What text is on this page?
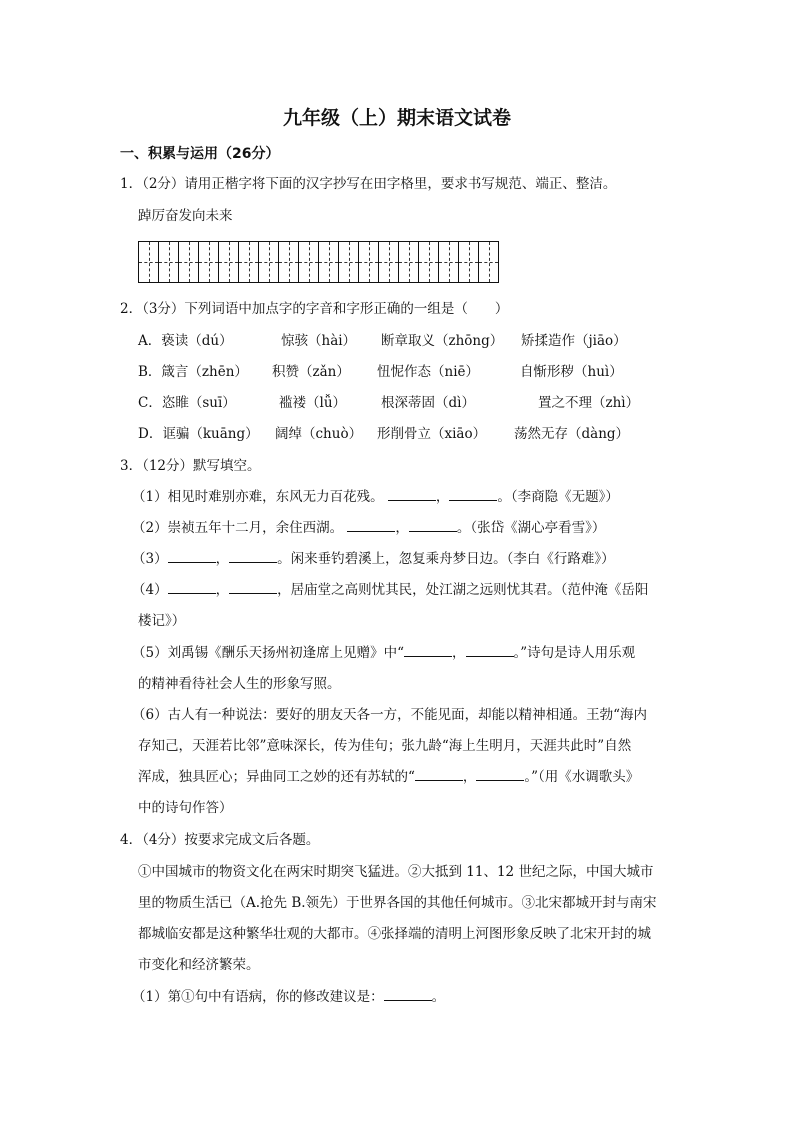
九年级（上）期末语文试卷
一、积累与运用（26分）
1．（2分）请用正楷字将下面的汉字抄写在田字格里，要求书写规范、端正、整洁。
踔厉奋发向未来
2．（3分）下列词语中加点字的字音和字形正确的一组是（　　）
A．亵读（dú）	惊骇（hài） 断章取义（zhōng） 矫揉造作（jiāo）
B．箴言（zhēn） 积赞（zǎn） 忸怩作态（niē）	自惭形秽（huì）
C．恣睢（suī）	褴褛（lǚ）	根深蒂固（dì）	置之不理（zhì）
D．诓骗（kuāng） 阔绰（chuò） 形削骨立（xiāo） 荡然无存（dàng）
3．（12分）默写填空。
（1）相见时难别亦难，东风无力百花残。	，	。（李商隐《无题》）
（2）崇祯五年十二月，余住西湖。	，	。（张岱《湖心亭看雪》）
（3）	，	。闲来垂钓碧溪上，忽复乘舟梦日边。（李白《行路难》）
（4）	，	，居庙堂之高则忧其民，处江湖之远则忧其君。（范仲淹《岳阳
楼记》）
（5）刘禹锡《酬乐天扬州初逢席上见赠》中“	，	。”诗句是诗人用乐观
的精神看待社会人生的形象写照。
（6）古人有一种说法：要好的朋友天各一方，不能见面，却能以精神相通。王勃“海内
存知己，天涯若比邻”意味深长，传为佳句；张九龄“海上生明月，天涯共此时”自然
浑成，独具匠心；异曲同工之妙的还有苏轼的“	，	。”（用《水调歌头》
中的诗句作答）
4．（4分）按要求完成文后各题。
①中国城市的物资文化在两宋时期突飞猛进。②大抵到 11、12 世纪之际，中国大城市
里的物质生活已（A.抢先 B.领先）于世界各国的其他任何城市。③北宋都城开封与南宋
都城临安都是这种繁华壮观的大都市。④张择端的清明上河图形象反映了北宋开封的城
市变化和经济繁荣。
（1）第①句中有语病，你的修改建议是：	。
